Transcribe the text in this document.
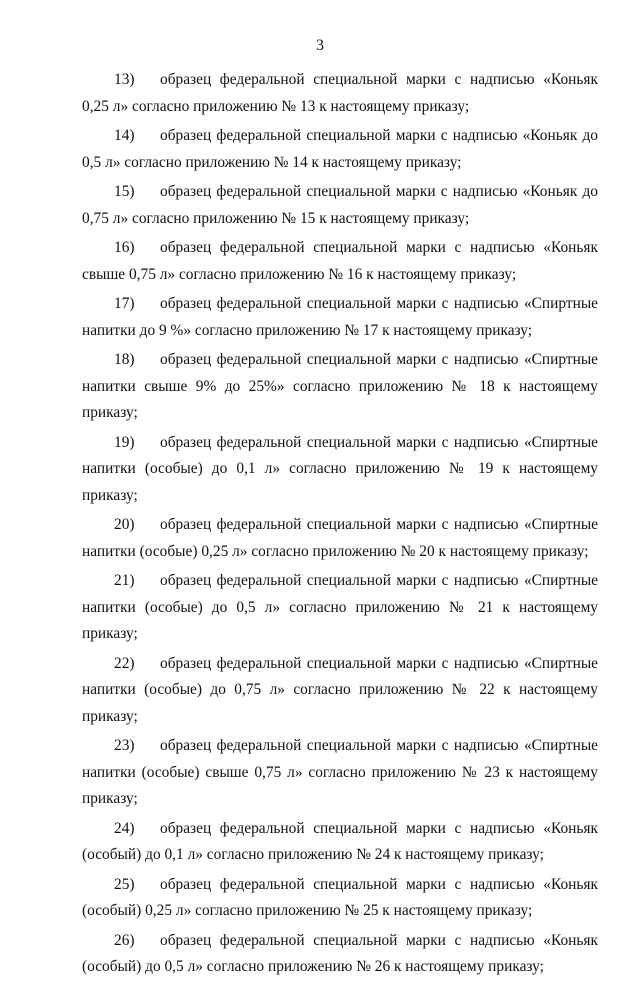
3

13) образец федеральной специальной марки с надписью «Коньяк 0,25 л» согласно приложению № 13 к настоящему приказу;

14) образец федеральной специальной марки с надписью «Коньяк до 0,5 л» согласно приложению № 14 к настоящему приказу;

15) образец федеральной специальной марки с надписью «Коньяк до 0,75 л» согласно приложению № 15 к настоящему приказу;

16) образец федеральной специальной марки с надписью «Коньяк свыше 0,75 л» согласно приложению № 16 к настоящему приказу;

17) образец федеральной специальной марки с надписью «Спиртные напитки до 9 %» согласно приложению № 17 к настоящему приказу;

18) образец федеральной специальной марки с надписью «Спиртные напитки свыше 9% до 25%» согласно приложению № 18 к настоящему приказу;

19) образец федеральной специальной марки с надписью «Спиртные напитки (особые) до 0,1 л» согласно приложению № 19 к настоящему приказу;

20) образец федеральной специальной марки с надписью «Спиртные напитки (особые) 0,25 л» согласно приложению № 20 к настоящему приказу;

21) образец федеральной специальной марки с надписью «Спиртные напитки (особые) до 0,5 л» согласно приложению № 21 к настоящему приказу;

22) образец федеральной специальной марки с надписью «Спиртные напитки (особые) до 0,75 л» согласно приложению № 22 к настоящему приказу;

23) образец федеральной специальной марки с надписью «Спиртные напитки (особые) свыше 0,75 л» согласно приложению № 23 к настоящему приказу;

24) образец федеральной специальной марки с надписью «Коньяк (особый) до 0,1 л» согласно приложению № 24 к настоящему приказу;

25) образец федеральной специальной марки с надписью «Коньяк (особый) 0,25 л» согласно приложению № 25 к настоящему приказу;

26) образец федеральной специальной марки с надписью «Коньяк (особый) до 0,5 л» согласно приложению № 26 к настоящему приказу;
